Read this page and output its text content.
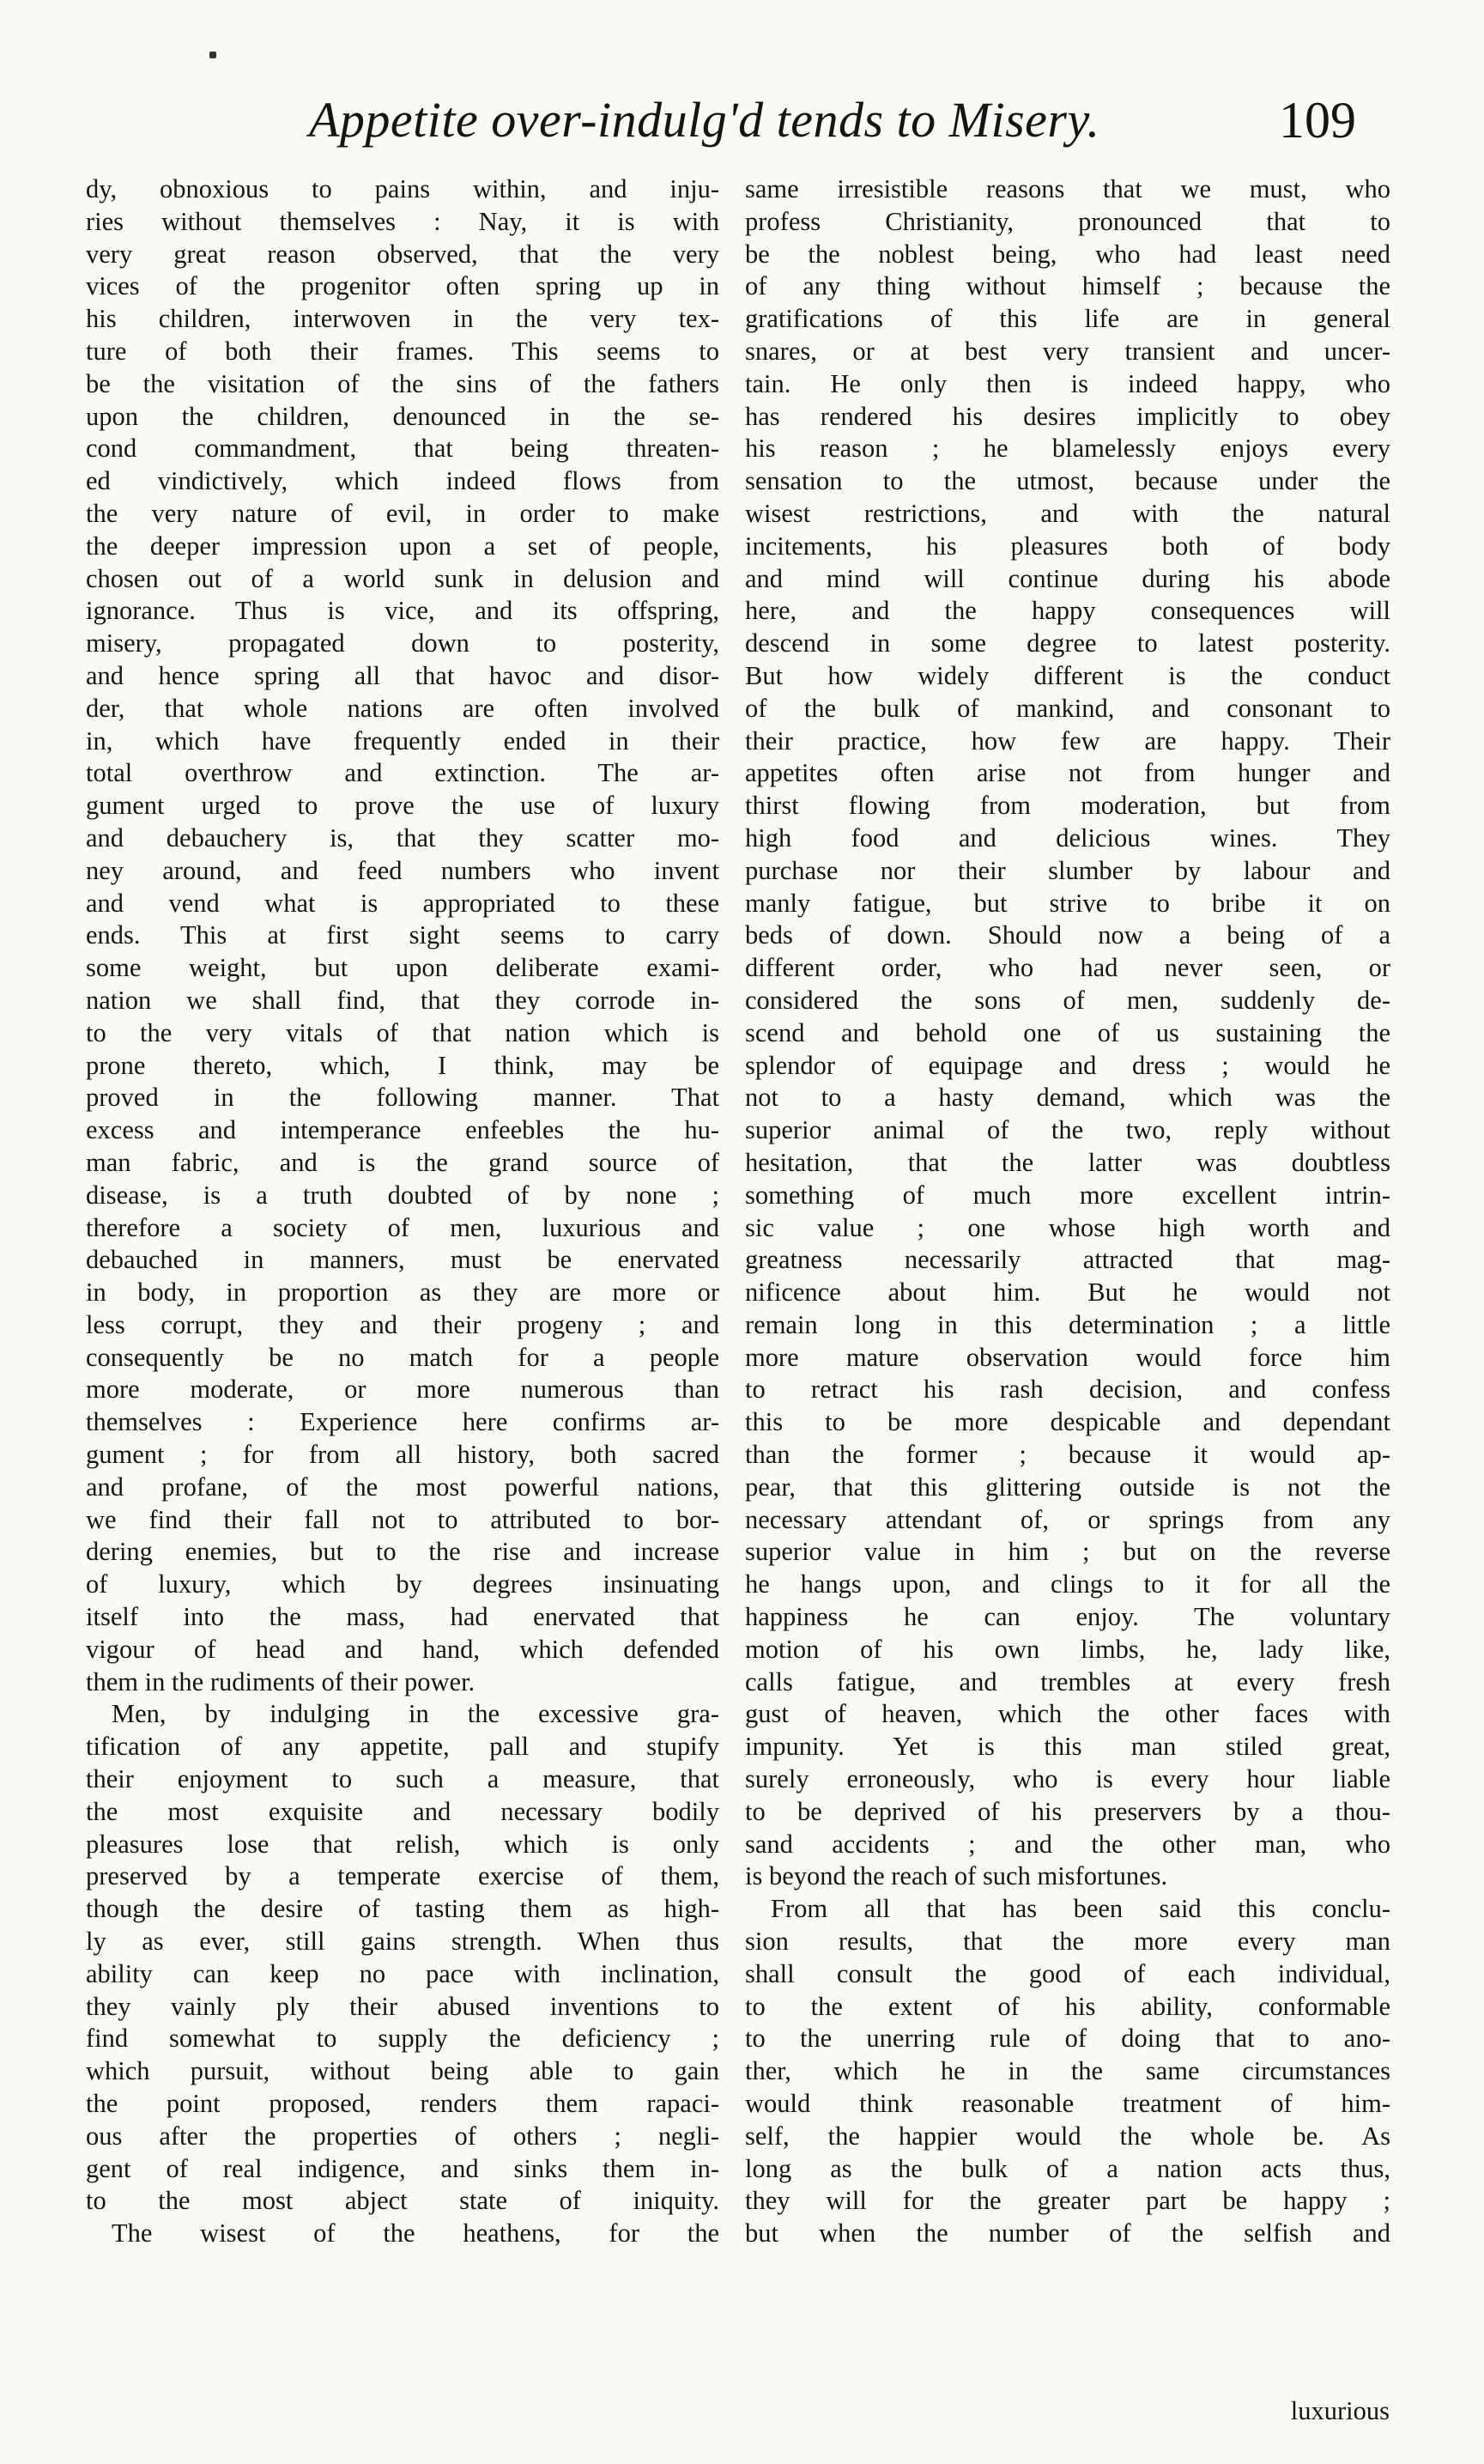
Appetite over-indulg'd tends to Misery.	109
dy, obnoxious to pains within, and inju-
ries without themselves : Nay, it is with
very great reason observed, that the very
vices of the progenitor often spring up in
his children, interwoven in the very tex-
ture of both their frames. This seems to
be the visitation of the sins of the fathers
upon the children, denounced in the se-
cond commandment, that being threaten-
ed vindictively, which indeed flows from
the very nature of evil, in order to make
the deeper impression upon a set of people,
chosen out of a world sunk in delusion and
ignorance. Thus is vice, and its offspring,
misery, propagated down to posterity,
and hence spring all that havoc and disor-
der, that whole nations are often involved
in, which have frequently ended in their
total overthrow and extinction. The ar-
gument urged to prove the use of luxury
and debauchery is, that they scatter mo-
ney around, and feed numbers who invent
and vend what is appropriated to these
ends. This at first sight seems to carry
some weight, but upon deliberate exami-
nation we shall find, that they corrode in-
to the very vitals of that nation which is
prone thereto, which, I think, may be
proved in the following manner. That
excess and intemperance enfeebles the hu-
man fabric, and is the grand source of
disease, is a truth doubted of by none ;
therefore a society of men, luxurious and
debauched in manners, must be enervated
in body, in proportion as they are more or
less corrupt, they and their progeny ; and
consequently be no match for a people
more moderate, or more numerous than
themselves : Experience here confirms ar-
gument ; for from all history, both sacred
and profane, of the most powerful nations,
we find their fall not to attributed to bor-
dering enemies, but to the rise and increase
of luxury, which by degrees insinuating
itself into the mass, had enervated that
vigour of head and hand, which defended
them in the rudiments of their power.
Men, by indulging in the excessive gra-
tification of any appetite, pall and stupify
their enjoyment to such a measure, that
the most exquisite and necessary bodily
pleasures lose that relish, which is only
preserved by a temperate exercise of them,
though the desire of tasting them as high-
ly as ever, still gains strength. When thus
ability can keep no pace with inclination,
they vainly ply their abused inventions to
find somewhat to supply the deficiency ;
which pursuit, without being able to gain
the point proposed, renders them rapaci-
ous after the properties of others ; negli-
gent of real indigence, and sinks them in-
to the most abject state of iniquity.
The wisest of the heathens, for the
same irresistible reasons that we must, who
profess Christianity, pronounced that to
be the noblest being, who had least need
of any thing without himself ; because the
gratifications of this life are in general
snares, or at best very transient and uncer-
tain. He only then is indeed happy, who
has rendered his desires implicitly to obey
his reason ; he blamelessly enjoys every
sensation to the utmost, because under the
wisest restrictions, and with the natural
incitements, his pleasures both of body
and mind will continue during his abode
here, and the happy consequences will
descend in some degree to latest posterity.
But how widely different is the conduct
of the bulk of mankind, and consonant to
their practice, how few are happy. Their
appetites often arise not from hunger and
thirst flowing from moderation, but from
high food and delicious wines. They
purchase nor their slumber by labour and
manly fatigue, but strive to bribe it on
beds of down. Should now a being of a
different order, who had never seen, or
considered the sons of men, suddenly de-
scend and behold one of us sustaining the
splendor of equipage and dress ; would he
not to a hasty demand, which was the
superior animal of the two, reply without
hesitation, that the latter was doubtless
something of much more excellent intrin-
sic value ; one whose high worth and
greatness necessarily attracted that mag-
nificence about him. But he would not
remain long in this determination ; a little
more mature observation would force him
to retract his rash decision, and confess
this to be more despicable and dependant
than the former ; because it would ap-
pear, that this glittering outside is not the
necessary attendant of, or springs from any
superior value in him ; but on the reverse
he hangs upon, and clings to it for all the
happiness he can enjoy. The voluntary
motion of his own limbs, he, lady like,
calls fatigue, and trembles at every fresh
gust of heaven, which the other faces with
impunity. Yet is this man stiled great,
surely erroneously, who is every hour liable
to be deprived of his preservers by a thou-
sand accidents ; and the other man, who
is beyond the reach of such misfortunes.
From all that has been said this conclu-
sion results, that the more every man
shall consult the good of each individual,
to the extent of his ability, conformable
to the unerring rule of doing that to ano-
ther, which he in the same circumstances
would think reasonable treatment of him-
self, the happier would the whole be. As
long as the bulk of a nation acts thus,
they will for the greater part be happy ;
but when the number of the selfish and
luxurious
